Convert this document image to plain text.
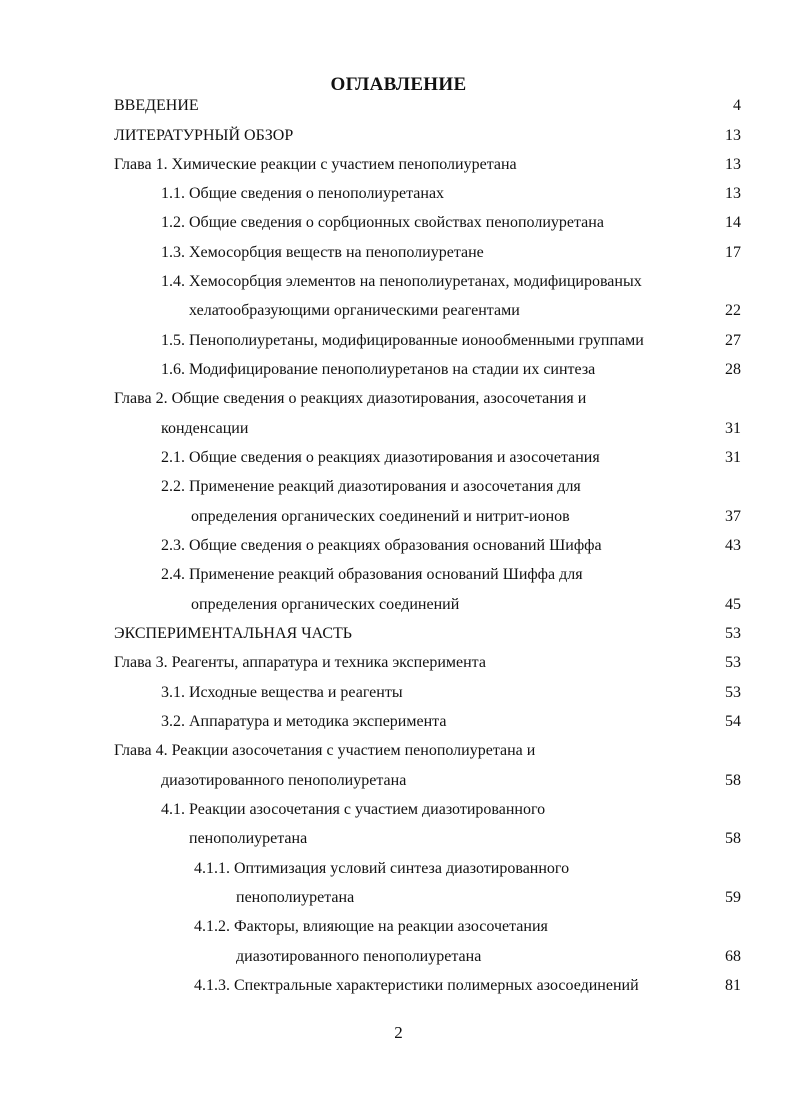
ОГЛАВЛЕНИЕ
ВВЕДЕНИЕ	4
ЛИТЕРАТУРНЫЙ ОБЗОР	13
Глава 1. Химические реакции с участием пенополиуретана	13
1.1. Общие сведения о пенополиуретанах	13
1.2. Общие сведения о сорбционных свойствах пенополиуретана	14
1.3. Хемосорбция веществ на пенополиуретане	17
1.4. Хемосорбция элементов на пенополиуретанах, модифицированых
хелатообразующими органическими реагентами	22
1.5. Пенополиуретаны, модифицированные ионообменными группами	27
1.6. Модифицирование пенополиуретанов на стадии их синтеза	28
Глава 2. Общие сведения о реакциях диазотирования, азосочетания и
конденсации	31
2.1. Общие сведения о реакциях диазотирования и азосочетания	31
2.2. Применение реакций диазотирования и азосочетания для
определения органических соединений и нитрит-ионов	37
2.3. Общие сведения о реакциях образования оснований Шиффа	43
2.4. Применение реакций образования оснований Шиффа для
определения органических соединений	45
ЭКСПЕРИМЕНТАЛЬНАЯ ЧАСТЬ	53
Глава 3. Реагенты, аппаратура и техника эксперимента	53
3.1. Исходные вещества и реагенты	53
3.2. Аппаратура и методика эксперимента	54
Глава 4. Реакции азосочетания с участием пенополиуретана и
диазотированного пенополиуретана	58
4.1. Реакции азосочетания с участием диазотированного
пенополиуретана	58
4.1.1. Оптимизация условий синтеза диазотированного
пенополиуретана	59
4.1.2. Факторы, влияющие на реакции азосочетания
диазотированного пенополиуретана	68
4.1.3. Спектральные характеристики полимерных азосоединений	81
2
